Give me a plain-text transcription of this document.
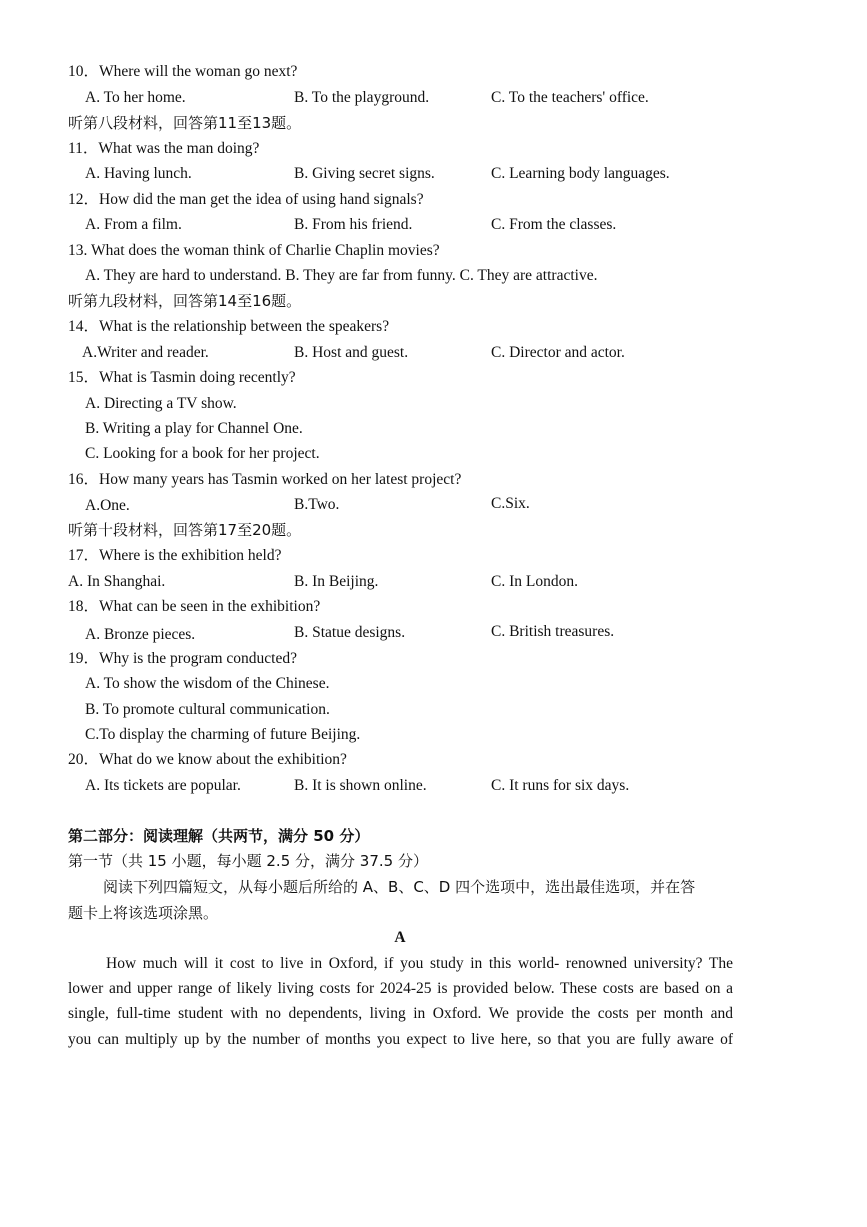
10．Where will the woman go next?
A. To her home.	B. To the playground.	C. To the teachers' office.
听第八段材料，回答第11至13题。
11．What was the man doing?
A. Having lunch.	B. Giving secret signs.	C. Learning body languages.
12．How did the man get the idea of using hand signals?
A. From a film.	B. From his friend.	C. From the classes.
13. What does the woman think of Charlie Chaplin movies?
A. They are hard to understand. B. They are far from funny. C. They are attractive.
听第九段材料，回答第14至16题。
14．What is the relationship between the speakers?
A.Writer and reader.	B. Host and guest.	C. Director and actor.
15．What is Tasmin doing recently?
A. Directing a TV show.
B. Writing a play for Channel One.
C. Looking for a book for her project.
16．How many years has Tasmin worked on her latest project?
A.One.	B.Two.	C.Six.
听第十段材料，回答第17至20题。
17．Where is the exhibition held?
A. In Shanghai.	B. In Beijing.	C. In London.
18．What can be seen in the exhibition?
A. Bronze pieces.	B. Statue designs.	C. British treasures.
19．Why is the program conducted?
A. To show the wisdom of the Chinese.
B. To promote cultural communication.
C.To display the charming of future Beijing.
20．What do we know about the exhibition?
A. Its tickets are popular.	B. It is shown online.	C. It runs for six days.
第二部分：阅读理解（共两节，满分 50 分）
第一节（共 15 小题，每小题 2.5 分，满分 37.5 分）
阅读下列四篇短文，从每小题后所给的 A、B、C、D 四个选项中，选出最佳选项，并在答
题卡上将该选项涂黑。
A
How much will it cost to live in Oxford, if you study in this world- renowned university? The
lower and upper range of likely living costs for 2024-25 is provided below. These costs are based on a
single, full-time student with no dependents, living in Oxford. We provide the costs per month and
you can multiply up by the number of months you expect to live here, so that you are fully aware of
